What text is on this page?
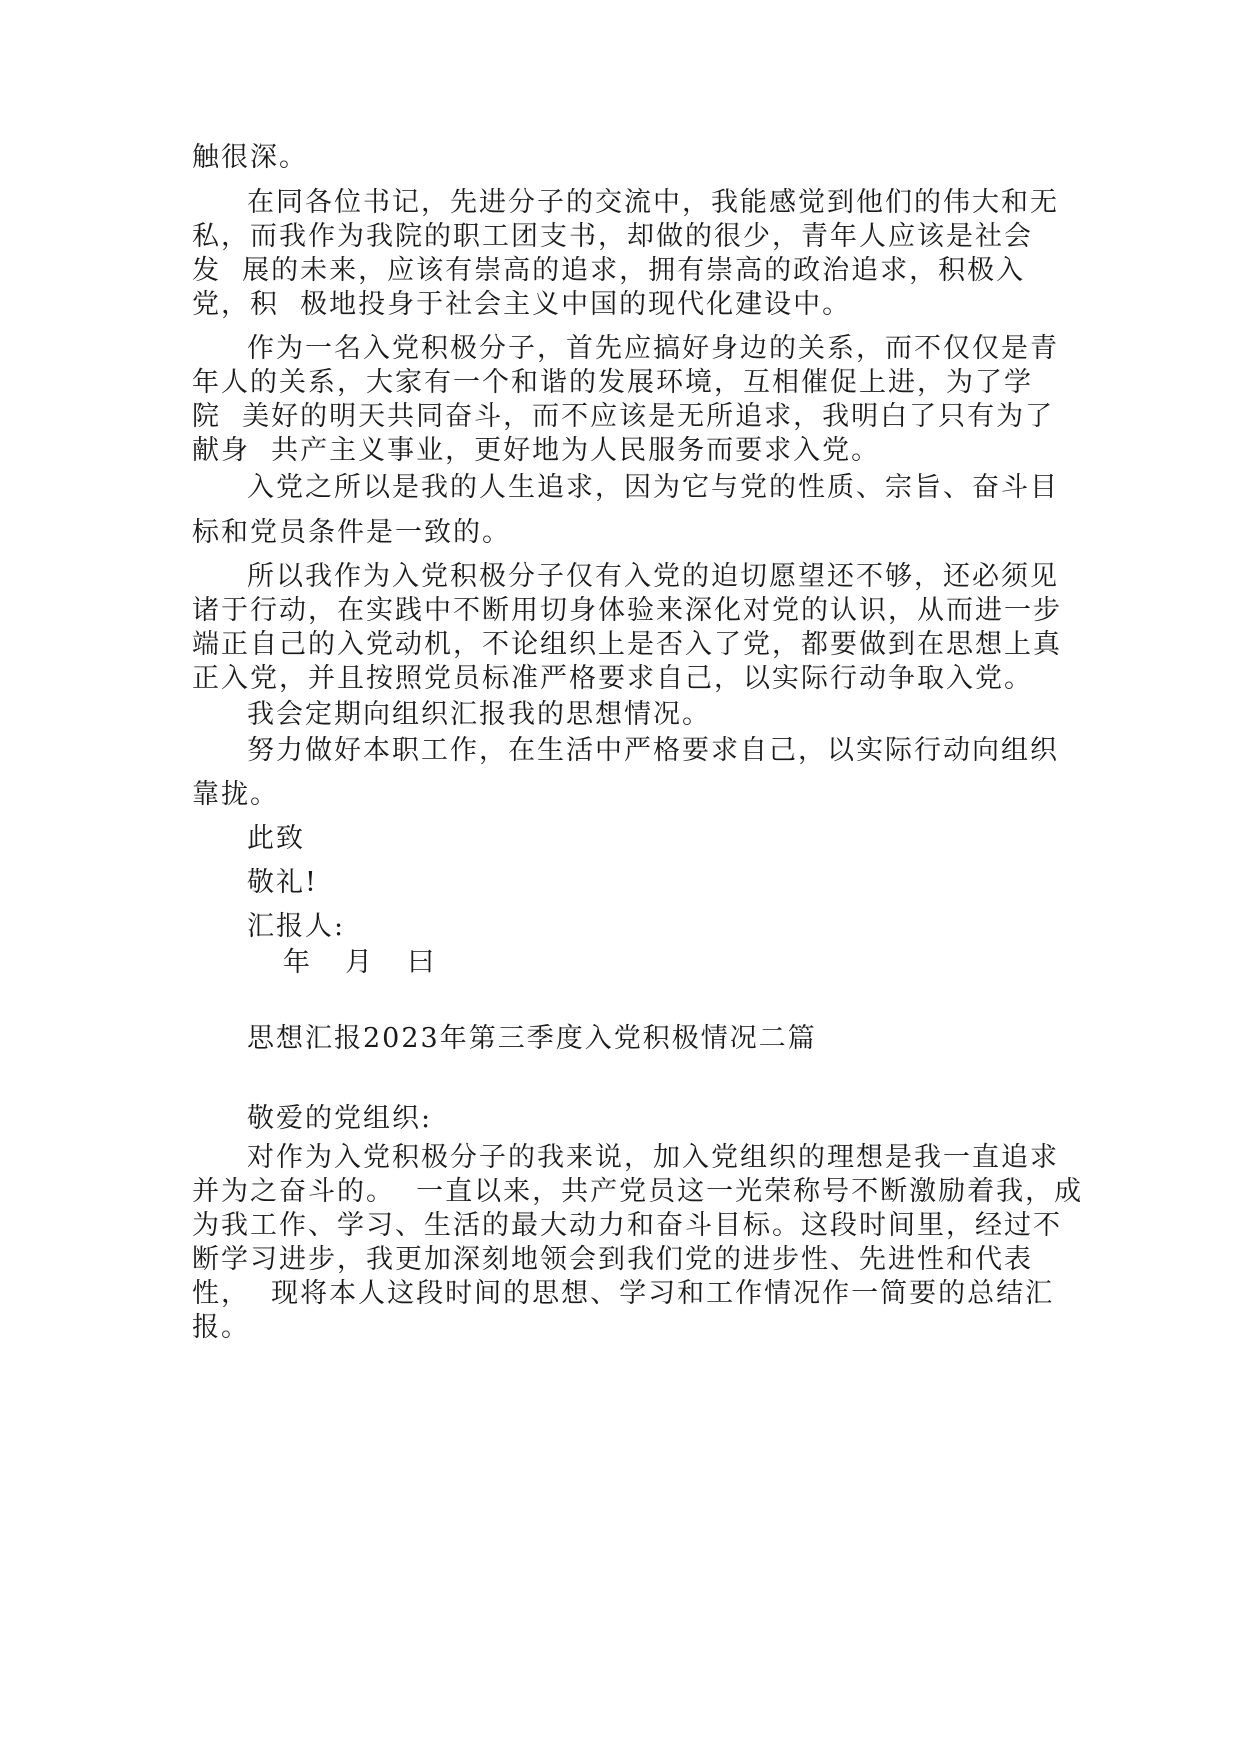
触很深。
在同各位书记，先进分子的交流中，我能感觉到他们的伟大和无
私，而我作为我院的职工团支书，却做的很少，青年人应该是社会
发  展的未来，应该有崇高的追求，拥有崇高的政治追求，积极入
党，积  极地投身于社会主义中国的现代化建设中。
作为一名入党积极分子，首先应搞好身边的关系，而不仅仅是青
年人的关系，大家有一个和谐的发展环境，互相催促上进，为了学
院  美好的明天共同奋斗，而不应该是无所追求，我明白了只有为了
献身  共产主义事业，更好地为人民服务而要求入党。
入党之所以是我的人生追求，因为它与党的性质、宗旨、奋斗目
标和党员条件是一致的。
所以我作为入党积极分子仅有入党的迫切愿望还不够，还必须见
诸于行动，在实践中不断用切身体验来深化对党的认识，从而进一步
端正自己的入党动机，不论组织上是否入了党，都要做到在思想上真
正入党，并且按照党员标准严格要求自己，以实际行动争取入党。
我会定期向组织汇报我的思想情况。
努力做好本职工作，在生活中严格要求自己，以实际行动向组织
靠拢。
此致
敬礼!
汇报人:
年  月  曰
思想汇报2023年第三季度入党积极情况二篇
敬爱的党组织:
对作为入党积极分子的我来说，加入党组织的理想是我一直追求
并为之奋斗的。  一直以来，共产党员这一光荣称号不断激励着我，成
为我工作、学习、生活的最大动力和奋斗目标。这段时间里，经过不
断学习进步，我更加深刻地领会到我们党的进步性、先进性和代表
性，  现将本人这段时间的思想、学习和工作情况作一简要的总结汇
报。
